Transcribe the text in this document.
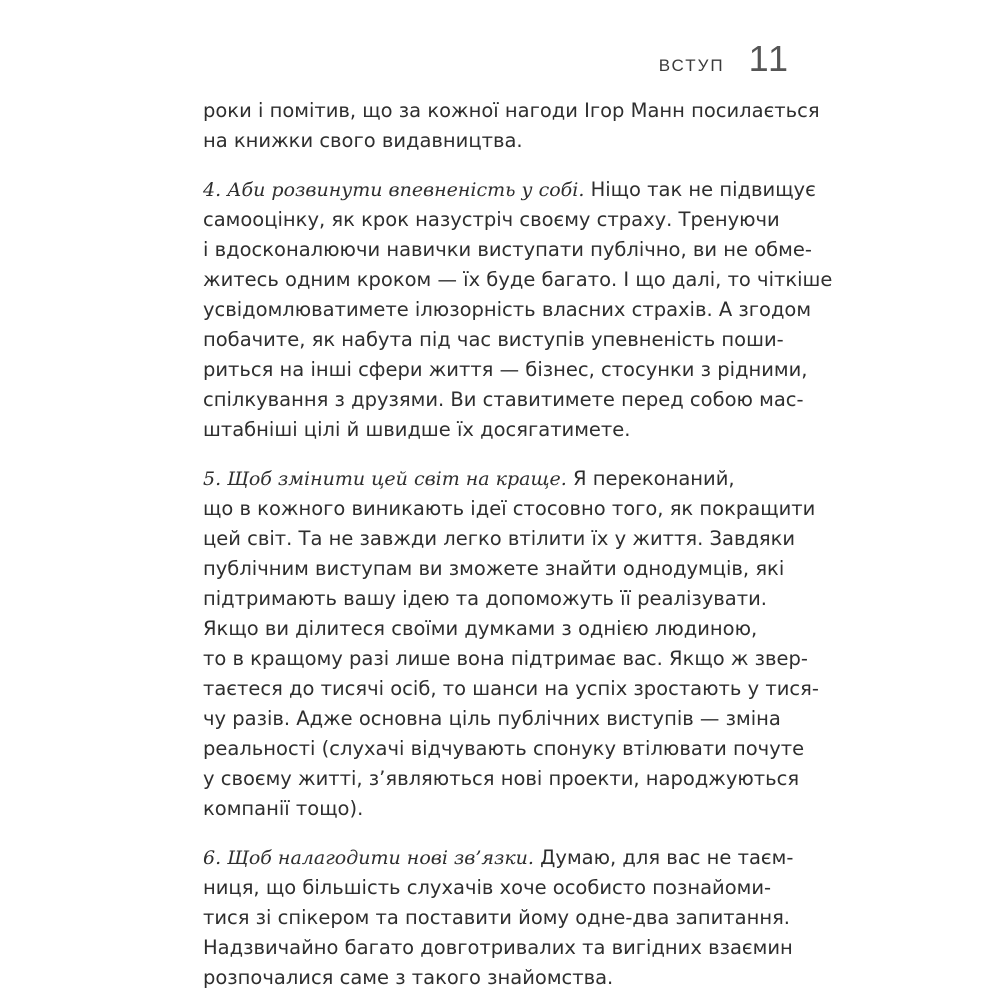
ВСТУП 11
роки і помітив, що за кожної нагоди Ігор Манн посилається
на книжки свого видавництва.
4. Аби розвинути впевненість у собі. Ніщо так не підвищує
самооцінку, як крок назустріч своєму страху. Тренуючи
і вдосконалюючи навички виступати публічно, ви не обме-
житесь одним кроком — їх буде багато. І що далі, то чіткіше
усвідомлюватимете ілюзорність власних страхів. А згодом
побачите, як набута під час виступів упевненість поши-
риться на інші сфери життя — бізнес, стосунки з рідними,
спілкування з друзями. Ви ставитимете перед собою мас-
штабніші цілі й швидше їх досягатимете.
5. Щоб змінити цей світ на краще. Я переконаний,
що в кожного виникають ідеї стосовно того, як покращити
цей світ. Та не завжди легко втілити їх у життя. Завдяки
публічним виступам ви зможете знайти однодумців, які
підтримають вашу ідею та допоможуть її реалізувати.
Якщо ви ділитеся своїми думками з однією людиною,
то в кращому разі лише вона підтримає вас. Якщо ж звер-
таєтеся до тисячі осіб, то шанси на успіх зростають у тися-
чу разів. Адже основна ціль публічних виступів — зміна
реальності (слухачі відчувають спонуку втілювати почуте
у своєму житті, з’являються нові проекти, народжуються
компанії тощо).
6. Щоб налагодити нові зв’язки. Думаю, для вас не таєм-
ниця, що більшість слухачів хоче особисто познайоми-
тися зі спікером та поставити йому одне-два запитання.
Надзвичайно багато довготривалих та вигідних взаємин
розпочалися саме з такого знайомства.
